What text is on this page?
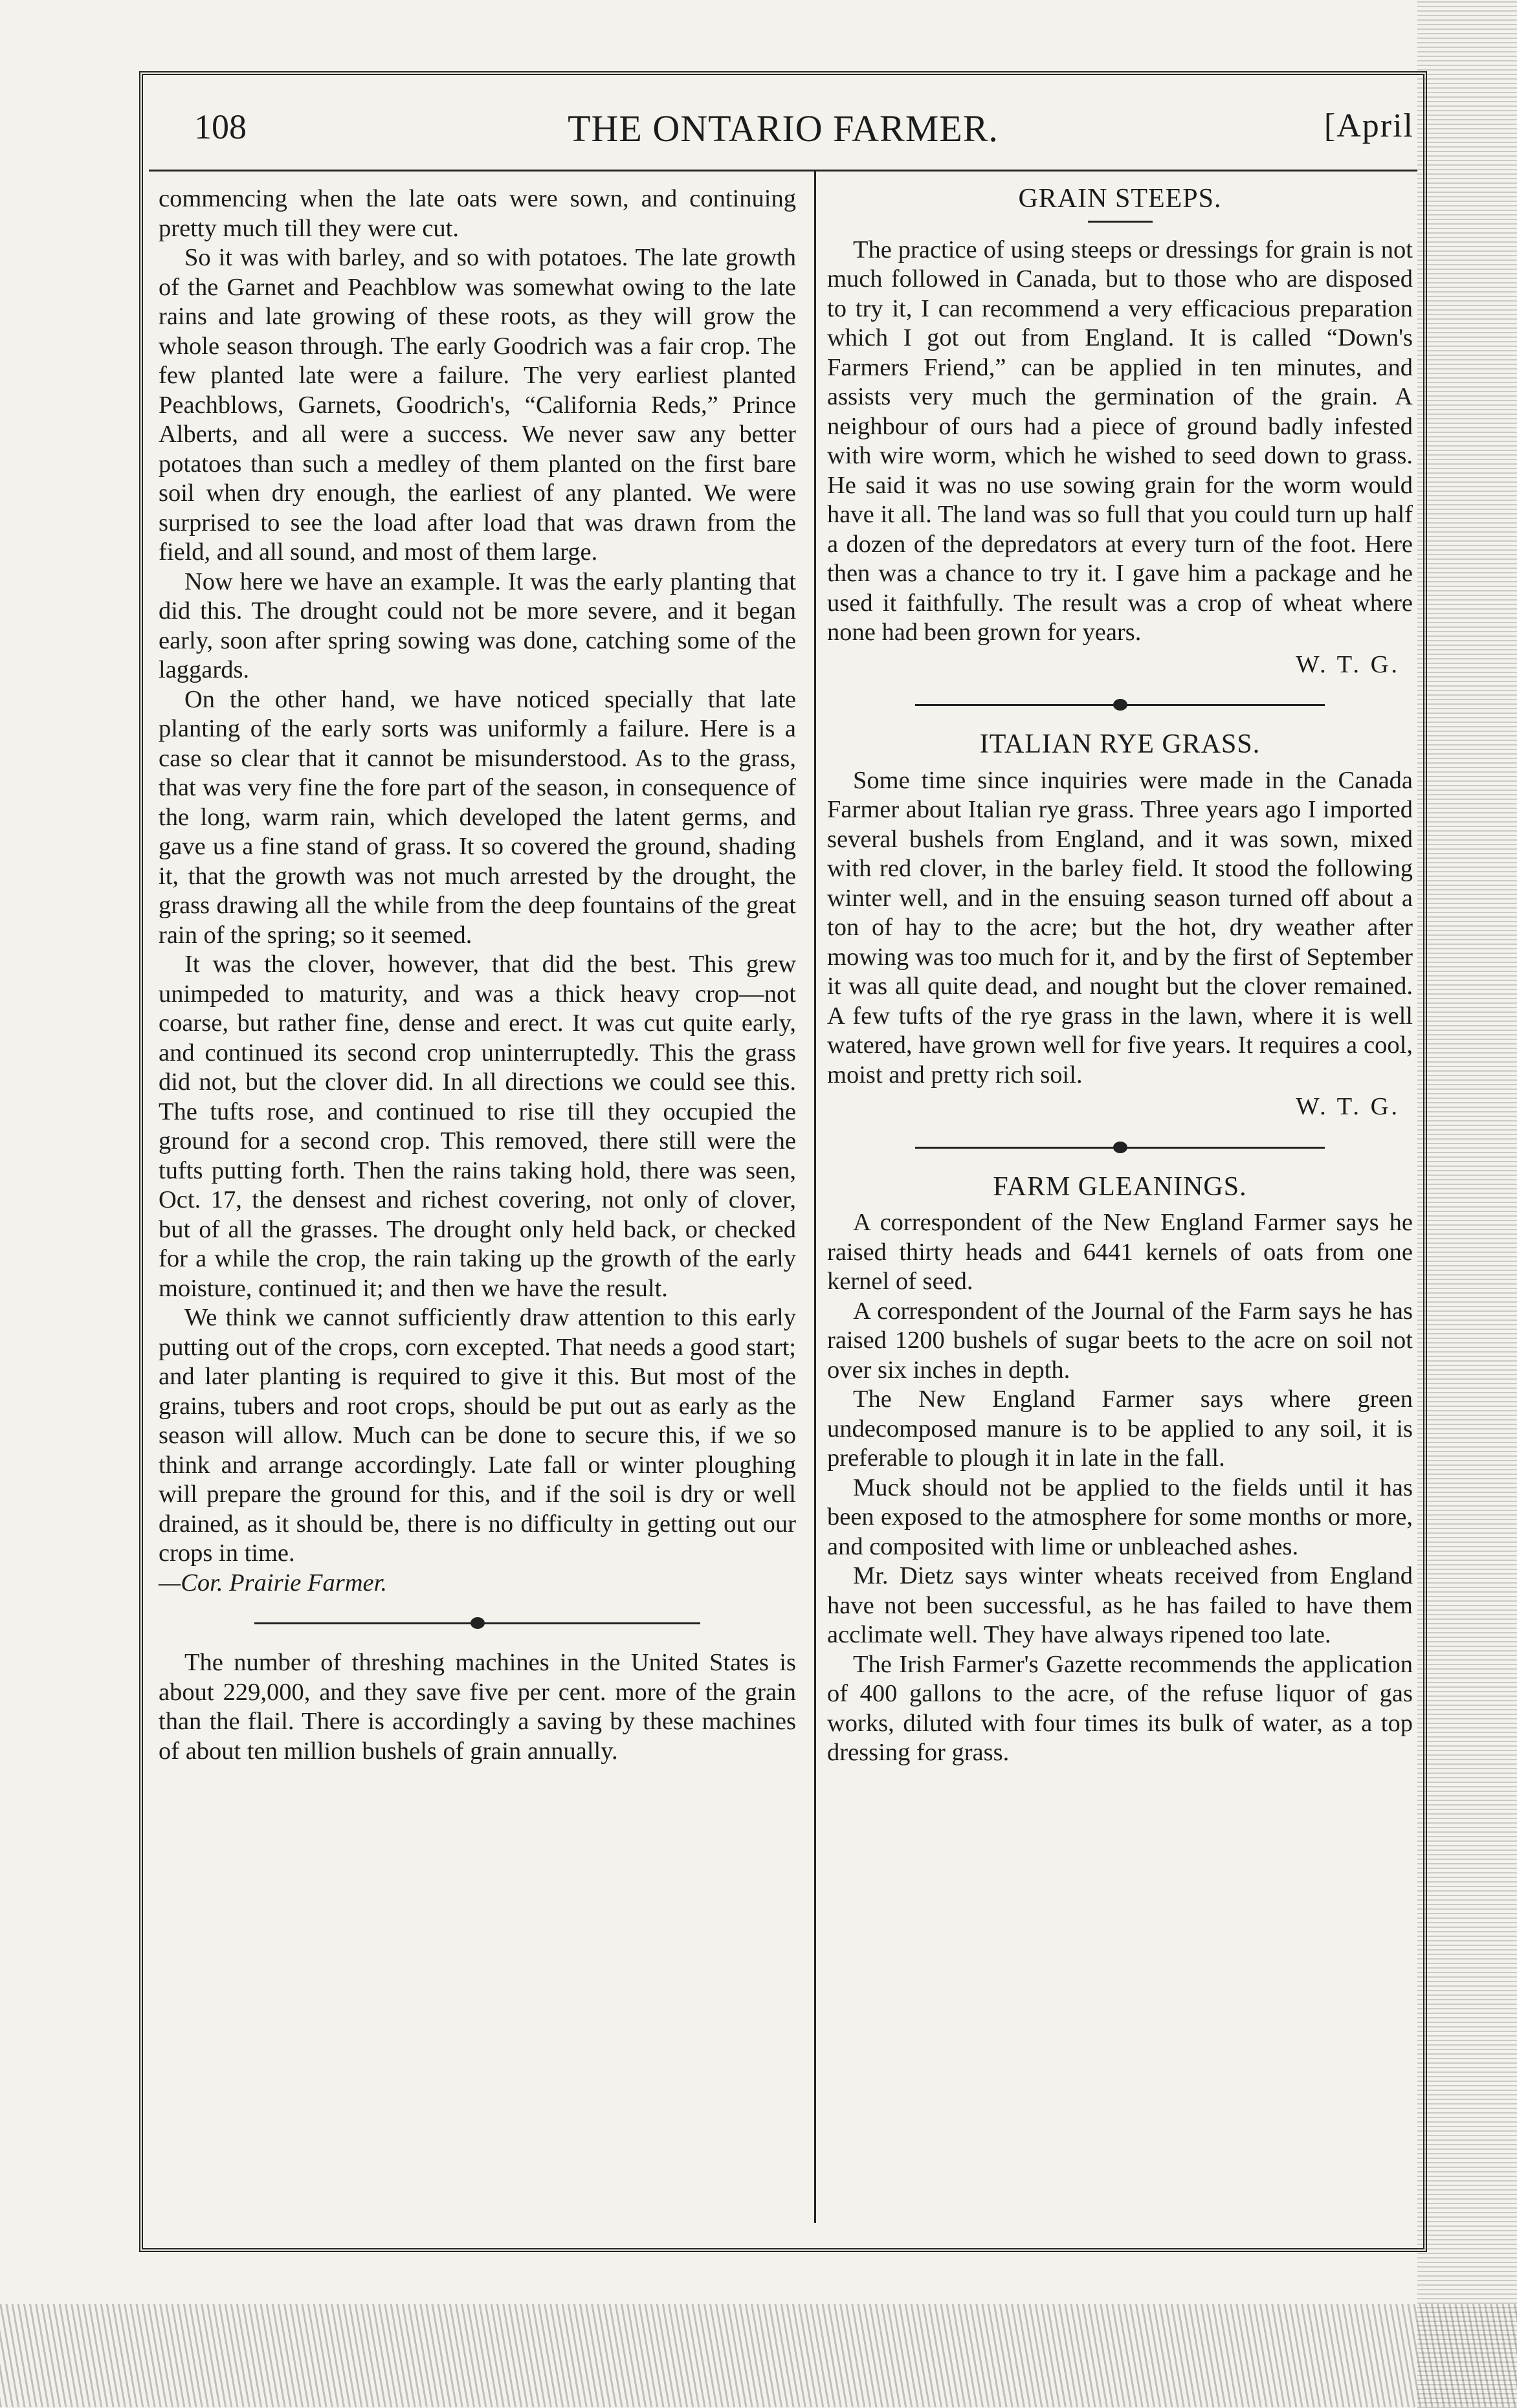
108	THE ONTARIO FARMER.	[April

commencing when the late oats were sown, and continuing pretty much till they were cut.

So it was with barley, and so with potatoes. The late growth of the Garnet and Peachblow was somewhat owing to the late rains and late growing of these roots, as they will grow the whole season through. The early Goodrich was a fair crop. The few planted late were a failure. The very earliest planted Peachblows, Garnets, Goodrich's, “California Reds,” Prince Alberts, and all were a success. We never saw any better potatoes than such a medley of them planted on the first bare soil when dry enough, the earliest of any planted. We were surprised to see the load after load that was drawn from the field, and all sound, and most of them large.

Now here we have an example. It was the early planting that did this. The drought could not be more severe, and it began early, soon after spring sowing was done, catching some of the laggards.

On the other hand, we have noticed specially that late planting of the early sorts was uniformly a failure. Here is a case so clear that it cannot be misunderstood. As to the grass, that was very fine the fore part of the season, in consequence of the long, warm rain, which developed the latent germs, and gave us a fine stand of grass. It so covered the ground, shading it, that the growth was not much arrested by the drought, the grass drawing all the while from the deep fountains of the great rain of the spring; so it seemed.

It was the clover, however, that did the best. This grew unimpeded to maturity, and was a thick heavy crop—not coarse, but rather fine, dense and erect. It was cut quite early, and continued its second crop uninterruptedly. This the grass did not, but the clover did. In all directions we could see this. The tufts rose, and continued to rise till they occupied the ground for a second crop. This removed, there still were the tufts putting forth. Then the rains taking hold, there was seen, Oct. 17, the densest and richest covering, not only of clover, but of all the grasses. The drought only held back, or checked for a while the crop, the rain taking up the growth of the early moisture, continued it; and then we have the result.

We think we cannot sufficiently draw attention to this early putting out of the crops, corn excepted. That needs a good start; and later planting is required to give it this. But most of the grains, tubers and root crops, should be put out as early as the season will allow. Much can be done to secure this, if we so think and arrange accordingly. Late fall or winter ploughing will prepare the ground for this, and if the soil is dry or well drained, as it should be, there is no difficulty in getting out our crops in time.

—Cor. Prairie Farmer.

The number of threshing machines in the United States is about 229,000, and they save five per cent. more of the grain than the flail. There is accordingly a saving by these machines of about ten million bushels of grain annually.

GRAIN STEEPS.

The practice of using steeps or dressings for grain is not much followed in Canada, but to those who are disposed to try it, I can recommend a very efficacious preparation which I got out from England. It is called “Down's Farmers Friend,” can be applied in ten minutes, and assists very much the germination of the grain. A neighbour of ours had a piece of ground badly infested with wire worm, which he wished to seed down to grass. He said it was no use sowing grain for the worm would have it all. The land was so full that you could turn up half a dozen of the depredators at every turn of the foot. Here then was a chance to try it. I gave him a package and he used it faithfully. The result was a crop of wheat where none had been grown for years.

W. T. G.
ITALIAN RYE GRASS.

Some time since inquiries were made in the Canada Farmer about Italian rye grass. Three years ago I imported several bushels from England, and it was sown, mixed with red clover, in the barley field. It stood the following winter well, and in the ensuing season turned off about a ton of hay to the acre; but the hot, dry weather after mowing was too much for it, and by the first of September it was all quite dead, and nought but the clover remained. A few tufts of the rye grass in the lawn, where it is well watered, have grown well for five years. It requires a cool, moist and pretty rich soil.

W. T. G.
FARM GLEANINGS.

A correspondent of the New England Farmer says he raised thirty heads and 6441 kernels of oats from one kernel of seed.

A correspondent of the Journal of the Farm says he has raised 1200 bushels of sugar beets to the acre on soil not over six inches in depth.

The New England Farmer says where green undecomposed manure is to be applied to any soil, it is preferable to plough it in late in the fall.

Muck should not be applied to the fields until it has been exposed to the atmosphere for some months or more, and composited with lime or unbleached ashes.

Mr. Dietz says winter wheats received from England have not been successful, as he has failed to have them acclimate well. They have always ripened too late.

The Irish Farmer's Gazette recommends the application of 400 gallons to the acre, of the refuse liquor of gas works, diluted with four times its bulk of water, as a top dressing for grass.
